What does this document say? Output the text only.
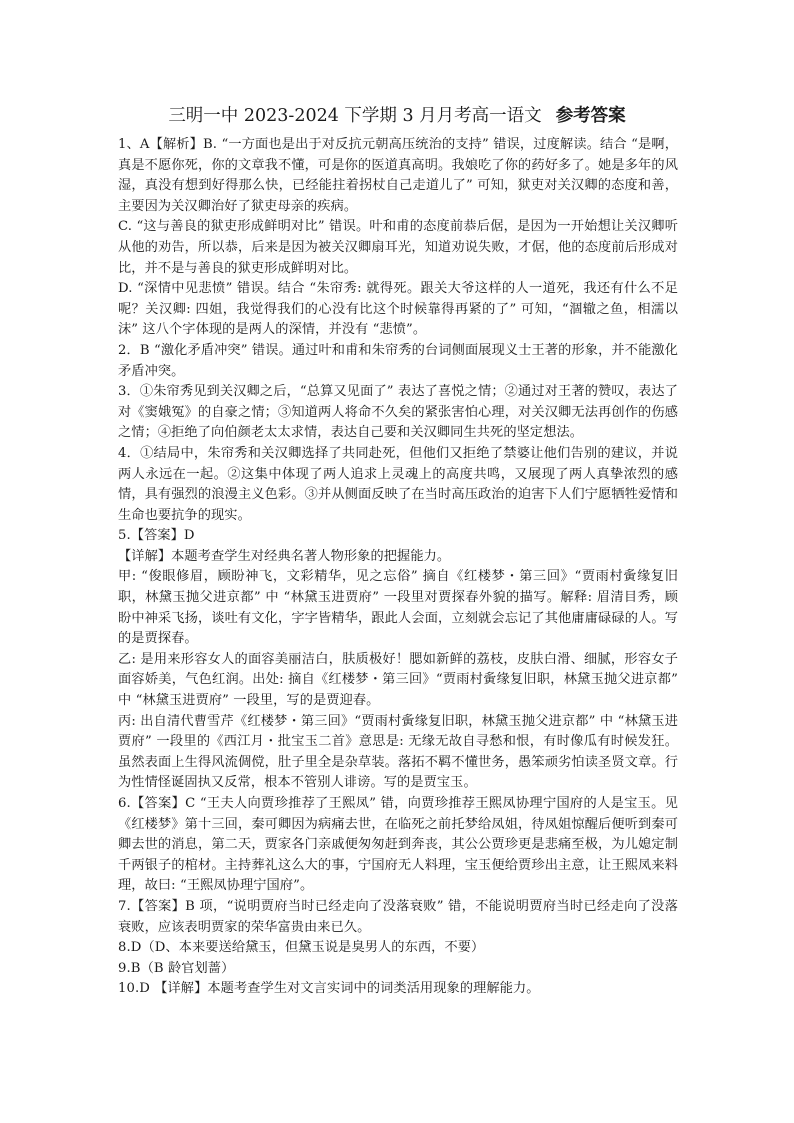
三明一中 2023-2024 下学期 3 月月考高一语文 参考答案

1、A【解析】B. “一方面也是出于对反抗元朝高压统治的支持” 错误，过度解读。结合 “是啊，真是不愿你死，你的文章我不懂，可是你的医道真高明。我娘吃了你的药好多了。她是多年的风湿，真没有想到好得那么快，已经能拄着拐杖自己走道儿了” 可知，狱吏对关汉卿的态度和善，主要因为关汉卿治好了狱吏母亲的疾病。

C. “这与善良的狱吏形成鲜明对比” 错误。叶和甫的态度前恭后倨，是因为一开始想让关汉卿听从他的劝告，所以恭，后来是因为被关汉卿扇耳光，知道劝说失败，才倨，他的态度前后形成对比，并不是与善良的狱吏形成鲜明对比。

D. “深情中见悲愤” 错误。结合 “朱帘秀: 就得死。跟关大爷这样的人一道死，我还有什么不足呢？关汉卿: 四姐，我觉得我们的心没有比这个时候靠得再紧的了” 可知，“涸辙之鱼，相濡以沫” 这八个字体现的是两人的深情，并没有 “悲愤”。

2．B “激化矛盾冲突” 错误。通过叶和甫和朱帘秀的台词侧面展现义士王著的形象，并不能激化矛盾冲突。

3．①朱帘秀见到关汉卿之后，“总算又见面了” 表达了喜悦之情；②通过对王著的赞叹，表达了对《窦娥冤》的自豪之情；③知道两人将命不久矣的紧张害怕心理，对关汉卿无法再创作的伤感之情；④拒绝了向伯颜老太太求情，表达自己要和关汉卿同生共死的坚定想法。

4．①结局中，朱帘秀和关汉卿选择了共同赴死，但他们又拒绝了禁婆让他们告别的建议，并说两人永远在一起。②这集中体现了两人追求上灵魂上的高度共鸣，又展现了两人真挚浓烈的感情，具有强烈的浪漫主义色彩。③并从侧面反映了在当时高压政治的迫害下人们宁愿牺牲爱情和生命也要抗争的现实。

5.【答案】D

【详解】本题考查学生对经典名著人物形象的把握能力。

甲: “俊眼修眉，顾盼神飞，文彩精华，见之忘俗” 摘自《红楼梦・第三回》“贾雨村夤缘复旧职，林黛玉抛父进京都” 中 “林黛玉进贾府” 一段里对贾探春外貌的描写。解释: 眉清目秀，顾盼中神采飞扬，谈吐有文化，字字皆精华，跟此人会面，立刻就会忘记了其他庸庸碌碌的人。写的是贾探春。

乙: 是用来形容女人的面容美丽洁白，肤质极好！腮如新鲜的荔枝，皮肤白滑、细腻，形容女子面容娇美，气色红润。出处: 摘自《红楼梦・第三回》“贾雨村夤缘复旧职，林黛玉抛父进京都” 中 “林黛玉进贾府” 一段里，写的是贾迎春。

丙: 出自清代曹雪芹《红楼梦・第三回》“贾雨村夤缘复旧职，林黛玉抛父进京都” 中 “林黛玉进贾府” 一段里的《西江月・批宝玉二首》意思是: 无缘无故自寻愁和恨，有时像瓜有时候发狂。虽然表面上生得风流倜傥，肚子里全是杂草装。落拓不羁不懂世务，愚笨顽劣怕读圣贤文章。行为性情怪诞固执又反常，根本不管别人诽谤。写的是贾宝玉。

6.【答案】C “王夫人向贾珍推荐了王熙凤” 错，向贾珍推荐王熙凤协理宁国府的人是宝玉。见《红楼梦》第十三回，秦可卿因为病痛去世，在临死之前托梦给凤姐，待凤姐惊醒后便听到秦可卿去世的消息，第二天，贾家各门亲戚便匆匆赶到奔丧，其公公贾珍更是悲痛至极，为儿媳定制千两银子的棺材。主持葬礼这么大的事，宁国府无人料理，宝玉便给贾珍出主意，让王熙凤来料理，故曰: “王熙凤协理宁国府”。

7.【答案】B 项，“说明贾府当时已经走向了没落衰败” 错，不能说明贾府当时已经走向了没落衰败，应该表明贾家的荣华富贵由来已久。

8.D（D、本来要送给黛玉，但黛玉说是臭男人的东西，不要）

9.B（B 龄官划蔷）

10.D 【详解】本题考查学生对文言实词中的词类活用现象的理解能力。
